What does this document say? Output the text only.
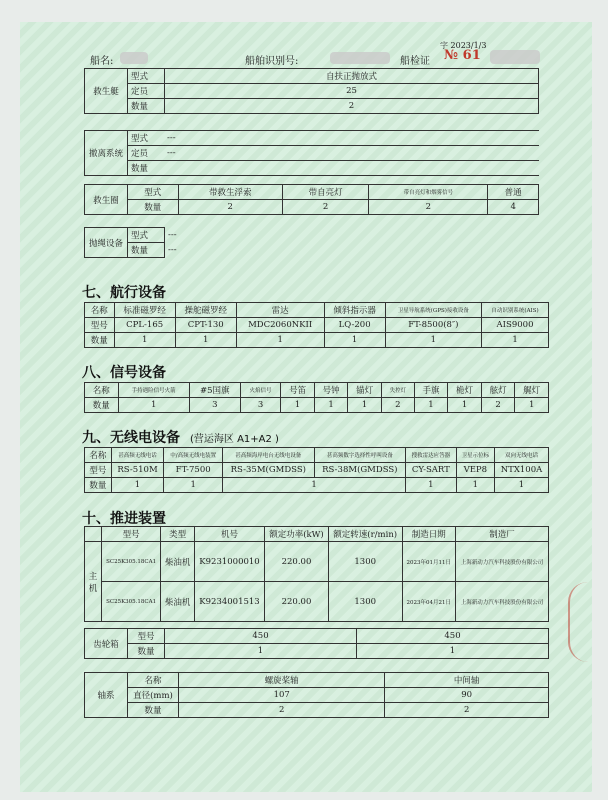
船名:	船舶识别号:	船检证
字 2023/1/3
№ 61
救生艇	型式	自扶正抛放式
	定员	25
	数量	2
撤离系统	型式	---
	定员	---
	数量	
救生圈	型式	带救生浮索	带自亮灯	带自亮灯和烟雾信号	普通
	数量	2	2	2	4
抛绳设备	型式	---
	数量	---
七、航行设备
名称	标准磁罗经	操舵磁罗经	雷达	倾斜指示器	卫星导航系统(GPS)接收设备	自动识别系统(AIS)
型号	CPL-165	CPT-130	MDC2060NKII	LQ-200	FT-8500(8″)	AIS9000
数量	1	1	1	1	1	1
八、信号设备
名称	手持遇险信号火箭	#5国旗	火焰信号	号笛	号钟	锚灯	失控灯	手旗	桅灯	舷灯	艉灯
数量	1	3	3	1	1	1	2	1	1	2	1
九、无线电设备 (营运海区 A1+A2 )
名称	甚高频无线电话	中/高频无线电装置	甚高频海岸电台无线电设备	甚高频数字选择性呼叫设备	搜救雷达应答器	卫星示位标	双向无线电话
型号	RS-510M	FT-7500	RS-35M(GMDSS)	RS-38M(GMDSS)	CY-SART	VEP8	NTX100A
数量	1	1	1		1	1	1
十、推进装置
	型号	类型	机号	额定功率(kW)	额定转速(r/min)	制造日期	制造厂
主机	SC25K305.18CA1	柴油机	K9231000010	220.00	1300	2023年01月11日	上海新动力汽车科技股份有限公司
	SC25K305.18CA1	柴油机	K9234001513	220.00	1300	2023年04月21日	上海新动力汽车科技股份有限公司
齿轮箱	型号	450	450
	数量	1	1
轴系	名称	螺旋桨轴	中间轴
	直径(mm)	107	90
	数量	2	2
